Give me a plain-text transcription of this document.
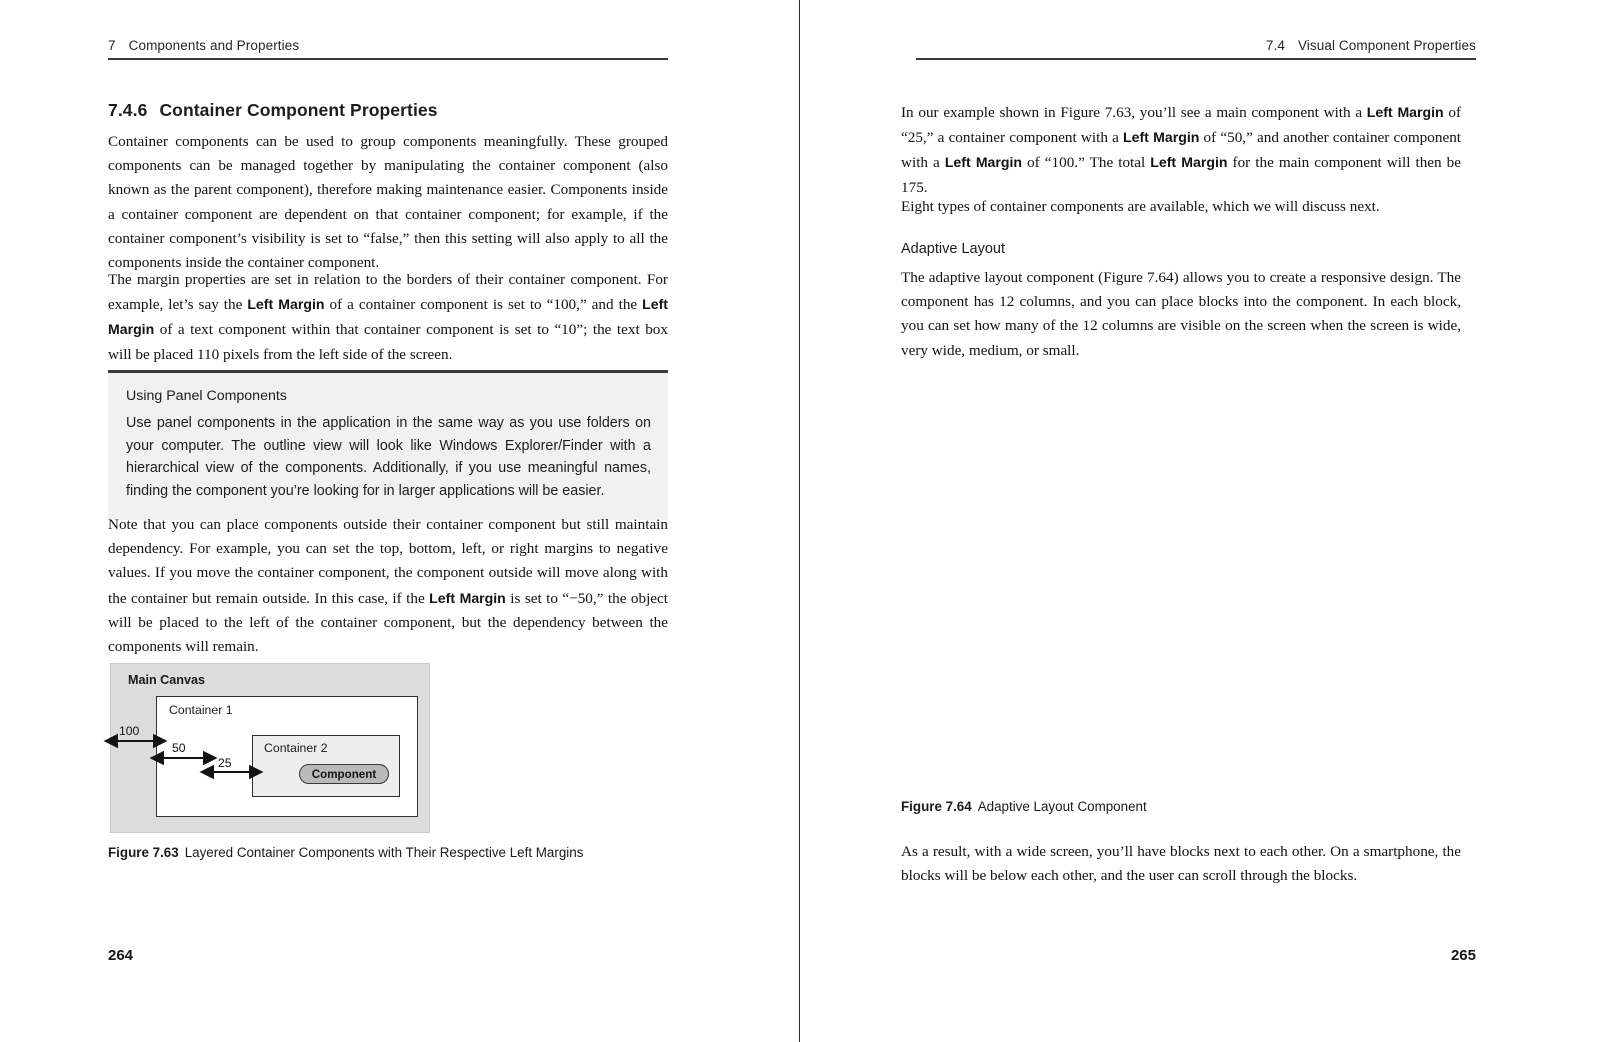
7 Components and Properties
7.4.6 Container Component Properties

Container components can be used to group components meaningfully. These grouped components can be managed together by manipulating the container component (also known as the parent component), therefore making maintenance easier. Components inside a container component are dependent on that container component; for example, if the container component’s visibility is set to “false,” then this setting will also apply to all the components inside the container component.

The margin properties are set in relation to the borders of their container component. For example, let’s say the Left Margin of a container component is set to “100,” and the Left Margin of a text component within that container component is set to “10”; the text box will be placed 110 pixels from the left side of the screen.

Using Panel Components

Use panel components in the application in the same way as you use folders on your computer. The outline view will look like Windows Explorer/Finder with a hierarchical view of the components. Additionally, if you use meaningful names, finding the component you’re looking for in larger applications will be easier.

Note that you can place components outside their container component but still maintain dependency. For example, you can set the top, bottom, left, or right margins to negative values. If you move the container component, the component outside will move along with the container but remain outside. In this case, if the Left Margin is set to “−50,” the object will be placed to the left of the container component, but the dependency between the components will remain.

Main Canvas
Container 1
Container 2
Component
100
50
25
Figure 7.63 Layered Container Components with Their Respective Left Margins
264
7.4 Visual Component Properties

In our example shown in Figure 7.63, you’ll see a main component with a Left Margin of “25,” a container component with a Left Margin of “50,” and another container component with a Left Margin of “100.” The total Left Margin for the main component will then be 175.

Eight types of container components are available, which we will discuss next.

Adaptive Layout

The adaptive layout component (Figure 7.64) allows you to create a responsive design. The component has 12 columns, and you can place blocks into the component. In each block, you can set how many of the 12 columns are visible on the screen when the screen is wide, very wide, medium, or small.

Figure 7.64 Adaptive Layout Component

As a result, with a wide screen, you’ll have blocks next to each other. On a smartphone, the blocks will be below each other, and the user can scroll through the blocks.

265
